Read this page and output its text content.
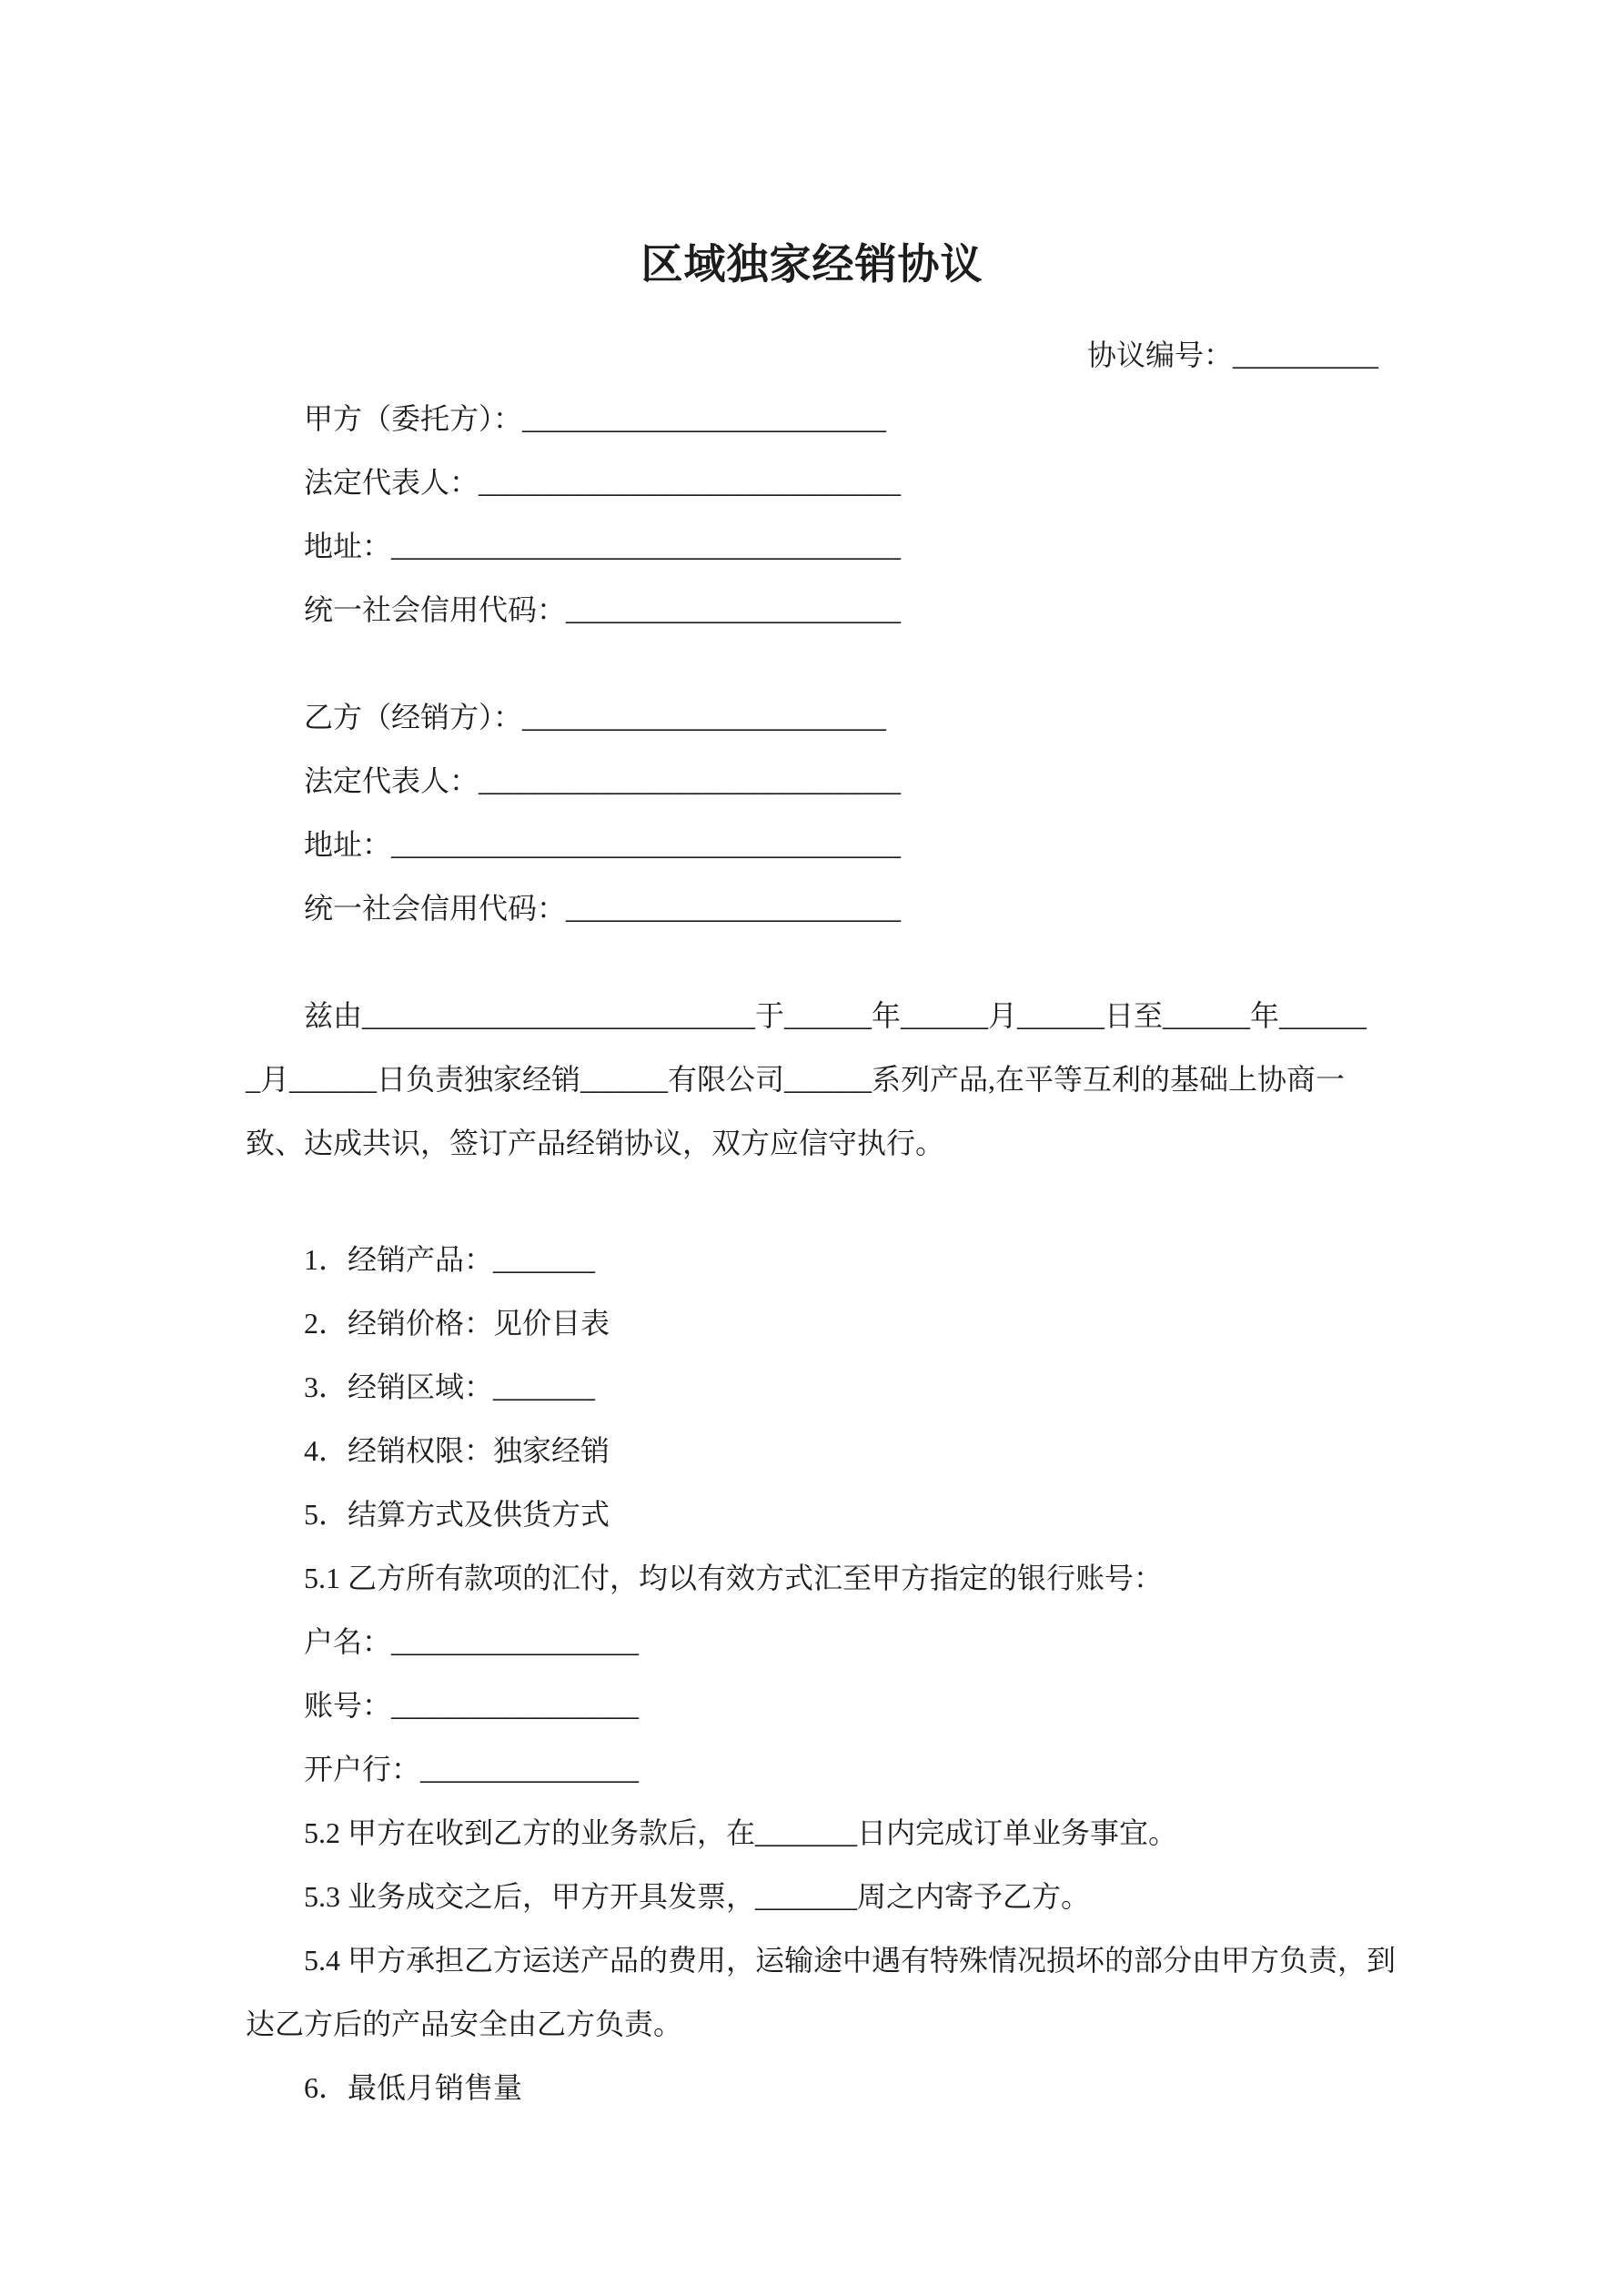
区域独家经销协议
协议编号：__________
甲方（委托方）：_________________________
法定代表人：_____________________________
地址：___________________________________
统一社会信用代码：_______________________
乙方（经销方）：_________________________
法定代表人：_____________________________
地址：___________________________________
统一社会信用代码：_______________________
兹由___________________________于______年______月______日至______年______
_月______日负责独家经销______有限公司______系列产品,在平等互利的基础上协商一
致、达成共识，签订产品经销协议，双方应信守执行。
1．经销产品：_______
2．经销价格：见价目表
3．经销区域：_______
4．经销权限：独家经销
5．结算方式及供货方式
5.1 乙方所有款项的汇付，均以有效方式汇至甲方指定的银行账号：
户名：_________________
账号：_________________
开户行：_______________
5.2 甲方在收到乙方的业务款后，在_______日内完成订单业务事宜。
5.3 业务成交之后，甲方开具发票，_______周之内寄予乙方。
5.4 甲方承担乙方运送产品的费用，运输途中遇有特殊情况损坏的部分由甲方负责，到
达乙方后的产品安全由乙方负责。
6．最低月销售量
